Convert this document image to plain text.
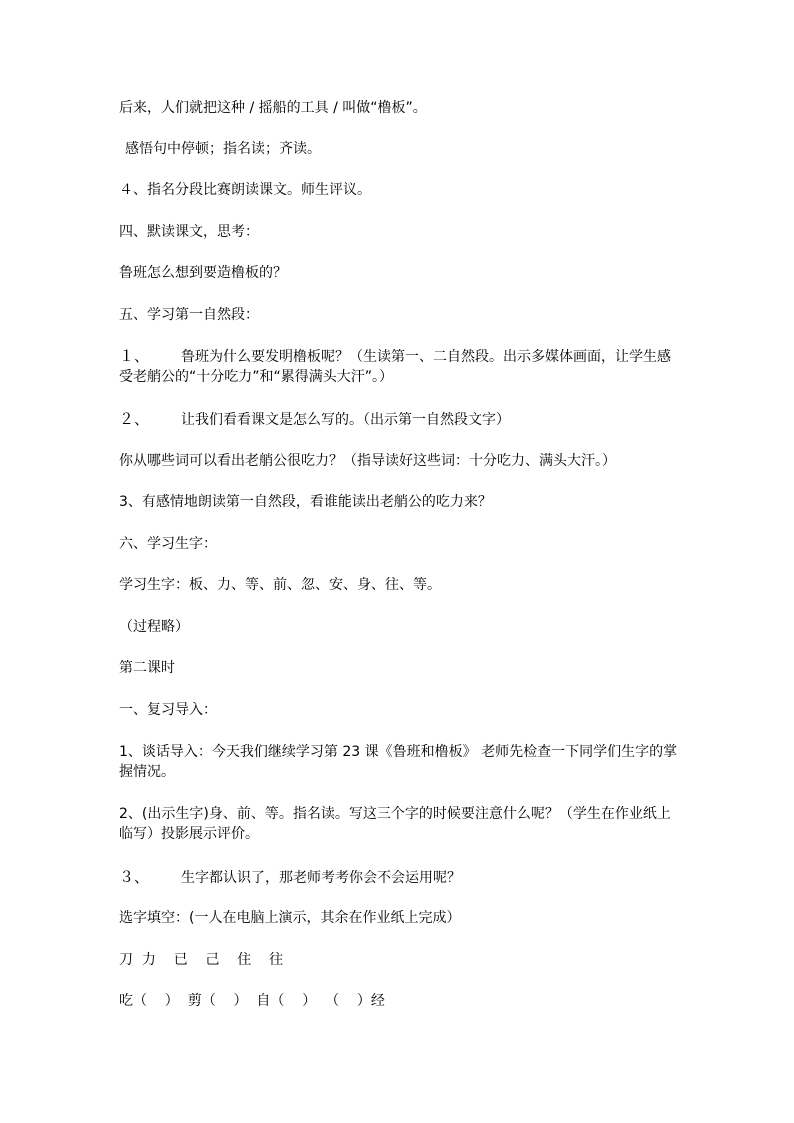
后来，人们就把这种 / 摇船的工具 / 叫做“橹板”。
感悟句中停顿；指名读；齐读。
４、指名分段比赛朗读课文。师生评议。
四、默读课文，思考：
鲁班怎么想到要造橹板的？
五、学习第一自然段：
１、 鲁班为什么要发明橹板呢？（生读第一、二自然段。出示多媒体画面，让学生感受老艄公的“十分吃力”和“累得满头大汗”。）
２、 让我们看看课文是怎么写的。（出示第一自然段文字）
你从哪些词可以看出老艄公很吃力？（指导读好这些词：十分吃力、满头大汗。）
3、有感情地朗读第一自然段，看谁能读出老艄公的吃力来？
六、学习生字：
学习生字：板、力、等、前、忽、安、身、往、等。
（过程略）
第二课时
一、复习导入：
1、谈话导入：今天我们继续学习第 23 课《鲁班和橹板》 老师先检查一下同学们生字的掌握情况。
2、(出示生字)身、前、等。指名读。写这三个字的时候要注意什么呢？（学生在作业纸上临写）投影展示评价。
３、 生字都认识了，那老师考考你会不会运用呢？
选字填空：(一人在电脑上演示，其余在作业纸上完成）
刀  力    已    己    住    往
吃（    ）  剪（    ）  自（    ）  （    ）经
